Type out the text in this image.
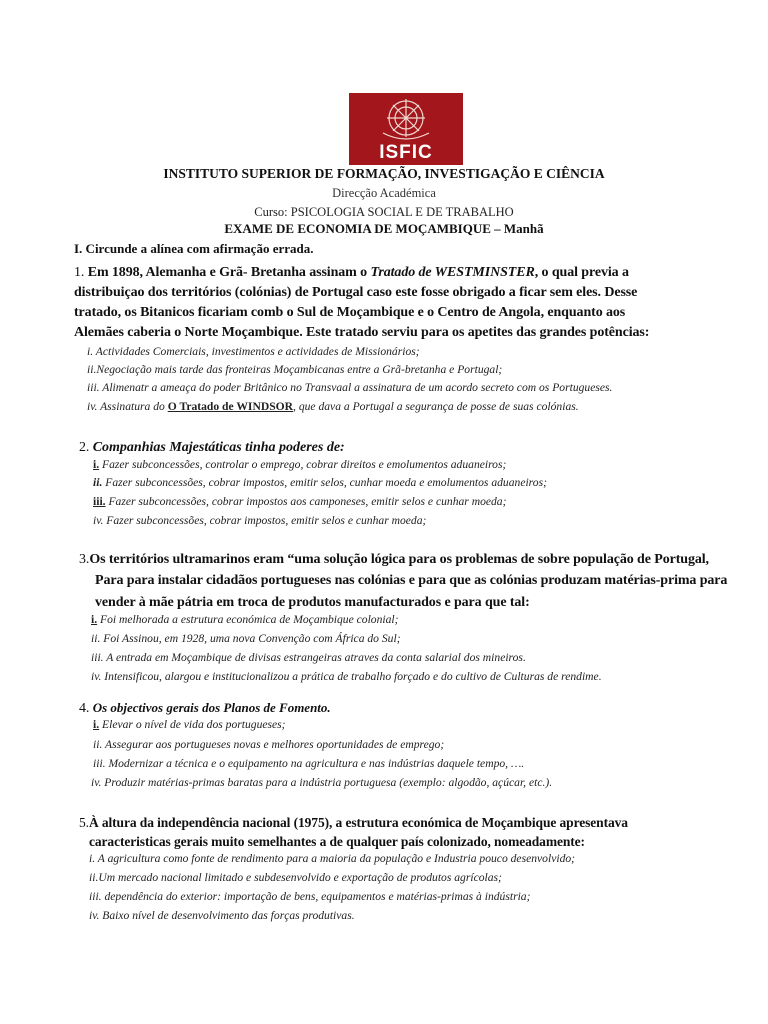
ISFIC
INSTITUTO SUPERIOR DE FORMAÇÃO, INVESTIGAÇÃO E CIÊNCIA
Direcção Académica
Curso: PSICOLOGIA SOCIAL E DE TRABALHO
EXAME DE ECONOMIA DE MOÇAMBIQUE – Manhã
I. Circunde a alínea com afirmação errada.
1. Em 1898, Alemanha e Grã- Bretanha assinam o Tratado de WESTMINSTER, o qual previa a
distribuiçao dos territórios (colónias) de Portugal caso este fosse obrigado a ficar sem eles. Desse
tratado, os Bitanicos ficariam comb o Sul de Moçambique e o Centro de Angola, enquanto aos
Alemães caberia o Norte Moçambique. Este tratado serviu para os apetites das grandes potências:
i. Actividades Comerciais, investimentos e actividades de Missionários;
ii.Negociação mais tarde das fronteiras Moçambicanas entre a Grã-bretanha e Portugal;
iii. Alimenatr a ameaça do poder Britânico no Transvaal a assinatura de um acordo secreto com os Portugueses.
iv. Assinatura do O Tratado de WINDSOR, que dava a Portugal a segurança de posse de suas colónias.
2. Companhias Majestáticas tinha poderes de:
i. Fazer subconcessões, controlar o emprego, cobrar direitos e emolumentos aduaneiros;
ii. Fazer subconcessões, cobrar impostos, emitir selos, cunhar moeda e emolumentos aduaneiros;
iii. Fazer subconcessões, cobrar impostos aos camponeses, emitir selos e cunhar moeda;
iv. Fazer subconcessões, cobrar impostos, emitir selos e cunhar moeda;
3.Os territórios ultramarinos eram “uma solução lógica para os problemas de sobre população de Portugal,
Para para instalar cidadãos portugueses nas colónias e para que as colónias produzam matérias-prima para
vender à mãe pátria em troca de produtos manufacturados e para que tal:
i. Foi melhorada a estrutura económica de Moçambique colonial;
ii. Foi Assinou, em 1928, uma nova Convenção com África do Sul;
iii. A entrada em Moçambique de divisas estrangeiras atraves da conta salarial dos mineiros.
iv. Intensificou, alargou e institucionalizou a prática de trabalho forçado e do cultivo de Culturas de rendime.
4. Os objectivos gerais dos Planos de Fomento.
i. Elevar o nível de vida dos portugueses;
ii. Assegurar aos portugueses novas e melhores oportunidades de emprego;
iii. Modernizar a técnica e o equipamento na agricultura e nas indústrias daquele tempo, ….
iv. Produzir matérias-primas baratas para a indústria portuguesa (exemplo: algodão, açúcar, etc.).
5.À altura da independência nacional (1975), a estrutura económica de Moçambique apresentava
caracteristicas gerais muito semelhantes a de qualquer país colonizado, nomeadamente:
i. A agricultura como fonte de rendimento para a maioria da população e Industria pouco desenvolvido;
ii.Um mercado nacional limitado e subdesenvolvido e exportação de produtos agrícolas;
iii. dependência do exterior: importação de bens, equipamentos e matérias-primas à indústria;
iv. Baixo nível de desenvolvimento das forças produtivas.
